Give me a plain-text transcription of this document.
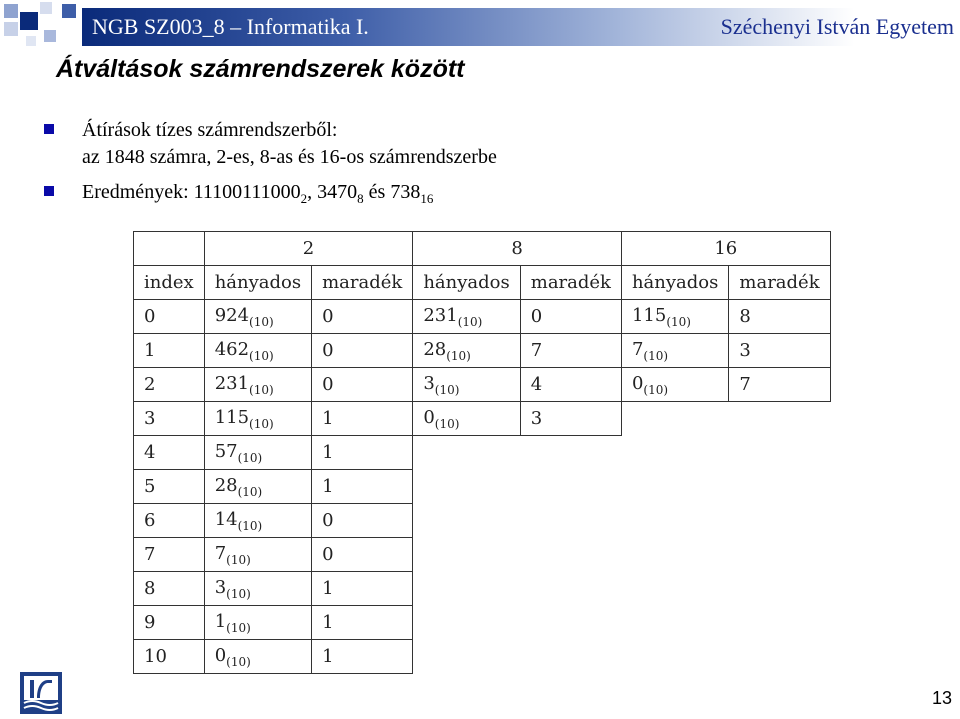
NGB SZ003_8 – Informatika I.	Széchenyi István Egyetem
Átváltások számrendszerek között
Átírások tízes számrendszerből:
az 1848 számra, 2-es, 8-as és 16-os számrendszerbe
Eredmények: $11100111000_2$, $3470_8$ és $738_{16}$
	2		8		16	
index	hányados	maradék	hányados	maradék	hányados	maradék
0	$924_{(10)}$	0	$231_{(10)}$	0	$115_{(10)}$	8
1	$462_{(10)}$	0	$28_{(10)}$	7	$7_{(10)}$	3
2	$231_{(10)}$	0	$3_{(10)}$	4	$0_{(10)}$	7
3	$115_{(10)}$	1	$0_{(10)}$	3		
4	$57_{(10)}$	1				
5	$28_{(10)}$	1				
6	$14_{(10)}$	0				
7	$7_{(10)}$	0				
8	$3_{(10)}$	1				
9	$1_{(10)}$	1				
10	$0_{(10)}$	1				
13
